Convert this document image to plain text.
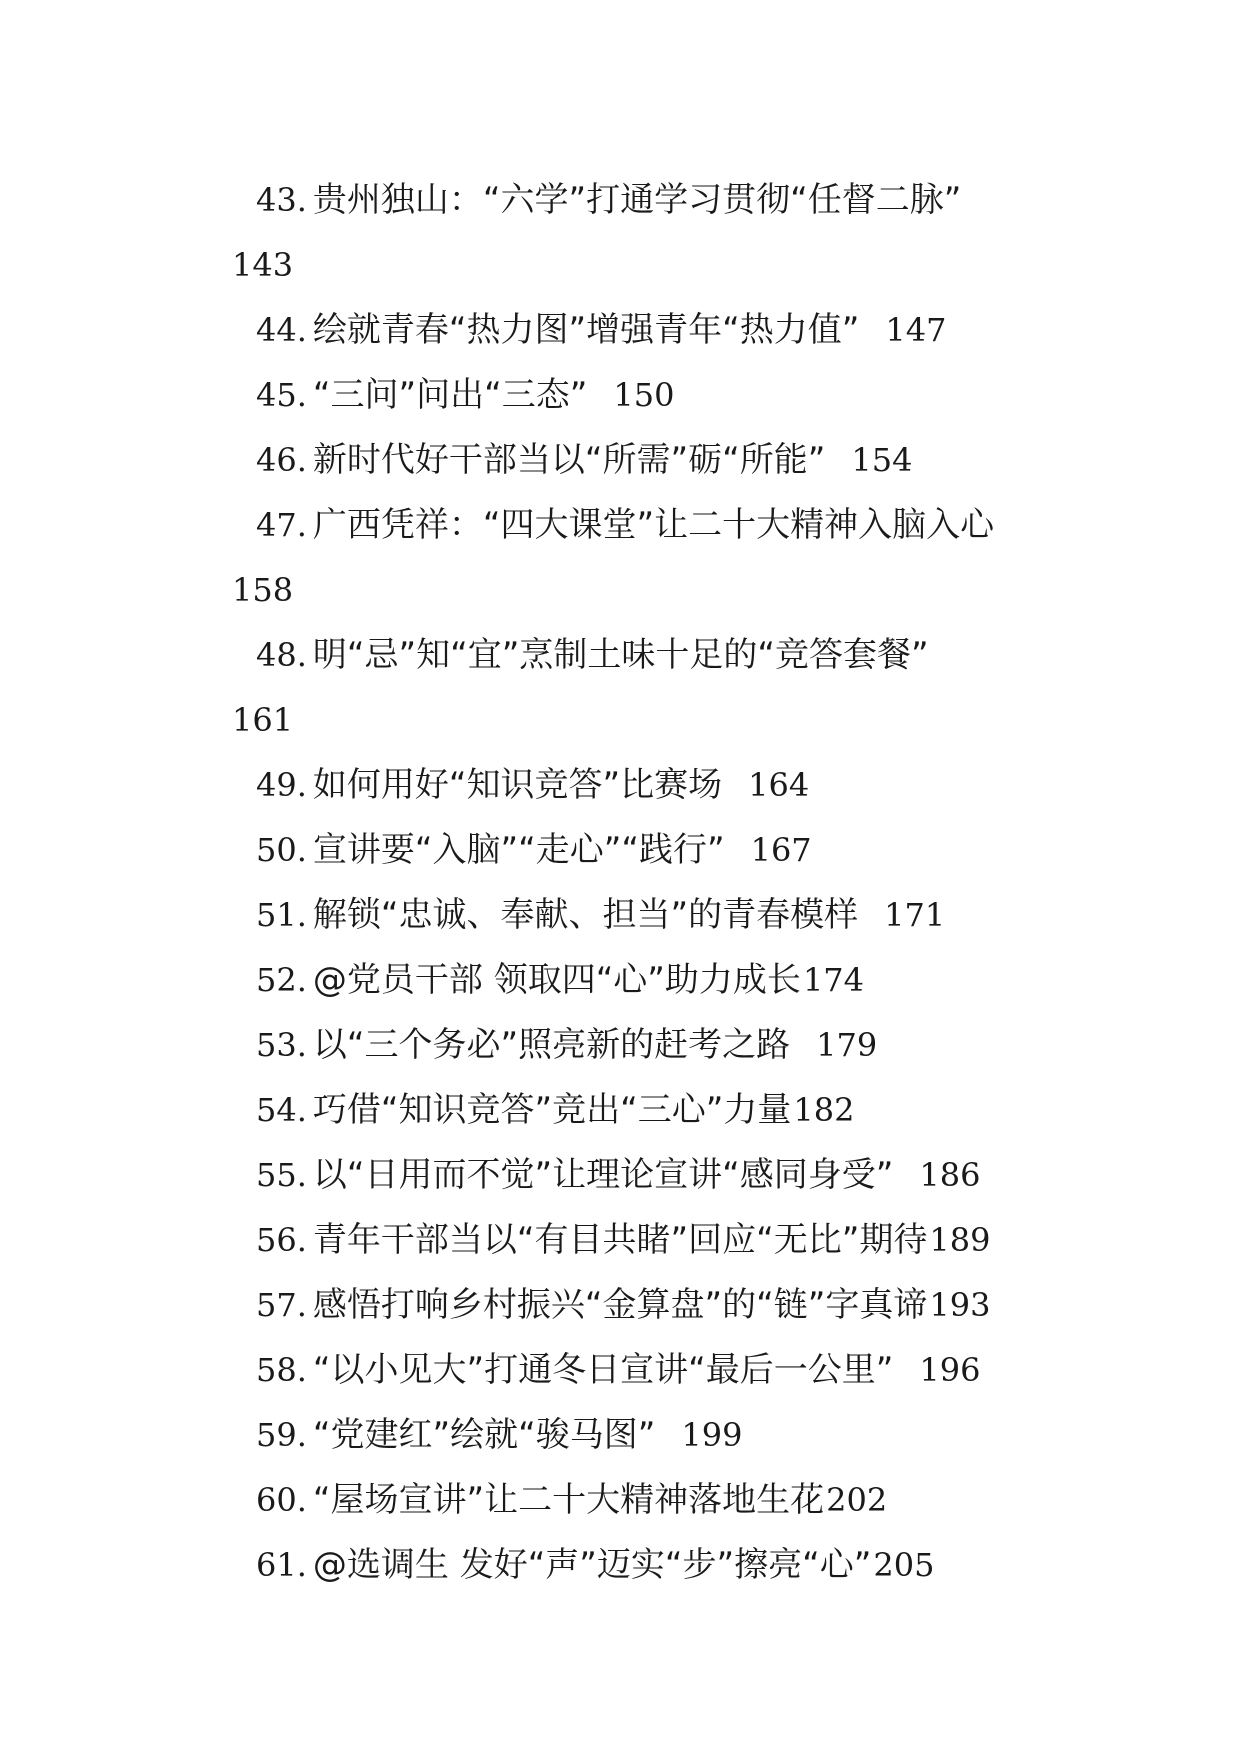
43. 贵州独山：“六学”打通学习贯彻“任督二脉”
143
44. 绘就青春“热力图”增强青年“热力值” 147
45. “三问”问出“三态” 150
46. 新时代好干部当以“所需”砺“所能” 154
47. 广西凭祥：“四大课堂”让二十大精神入脑入心
158
48. 明“忌”知“宜”烹制土味十足的“竞答套餐”
161
49. 如何用好“知识竞答”比赛场 164
50. 宣讲要“入脑”“走心”“践行” 167
51. 解锁“忠诚、奉献、担当”的青春模样 171
52. @党员干部 领取四“心”助力成长174
53. 以“三个务必”照亮新的赶考之路 179
54. 巧借“知识竞答”竞出“三心”力量182
55. 以“日用而不觉”让理论宣讲“感同身受” 186
56. 青年干部当以“有目共睹”回应“无比”期待189
57. 感悟打响乡村振兴“金算盘”的“链”字真谛193
58. “以小见大”打通冬日宣讲“最后一公里” 196
59. “党建红”绘就“骏马图” 199
60. “屋场宣讲”让二十大精神落地生花202
61. @选调生 发好“声”迈实“步”擦亮“心”205
